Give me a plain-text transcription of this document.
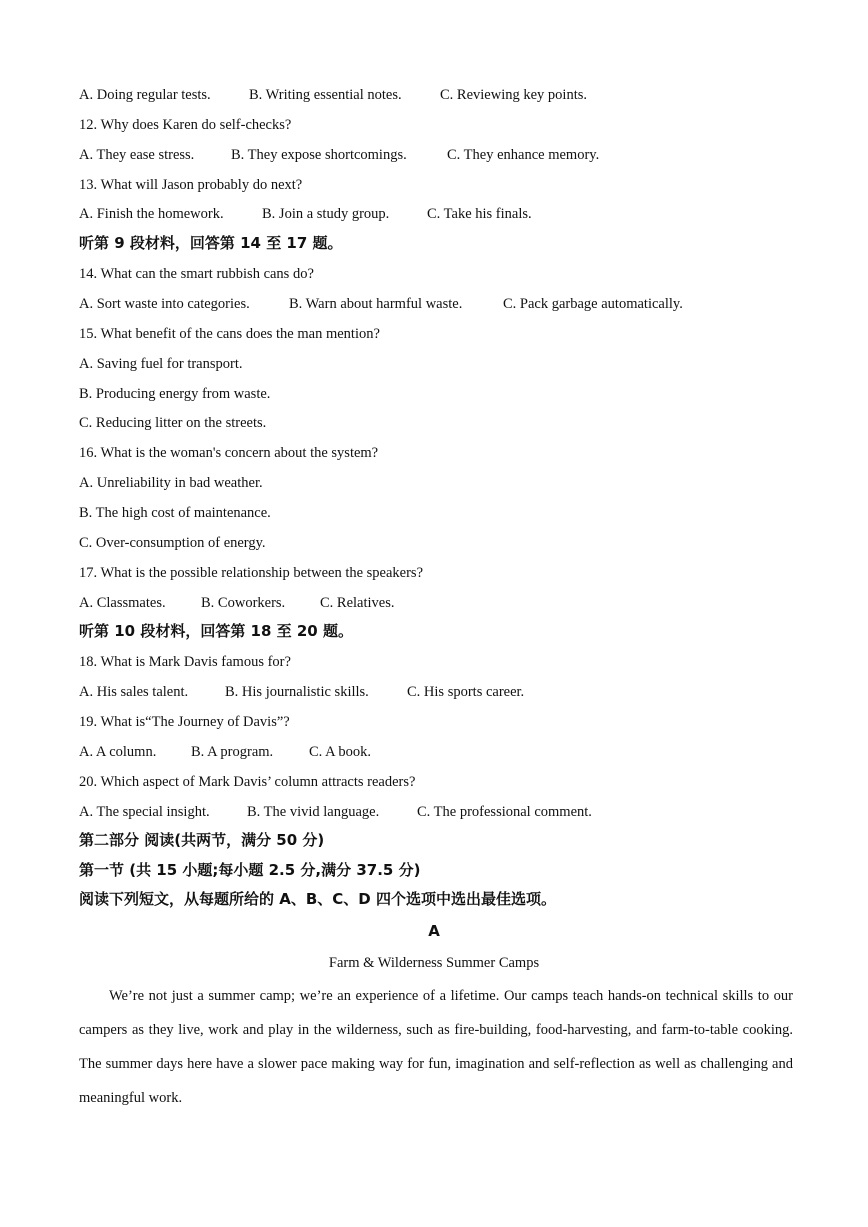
A. Doing regular tests.	B. Writing essential notes.	C. Reviewing key points.
12. Why does Karen do self-checks?
A. They ease stress.	B. They expose shortcomings.	C. They enhance memory.
13. What will Jason probably do next?
A. Finish the homework.	B. Join a study group.	C. Take his finals.
听第 9 段材料，回答第 14 至 17 题。
14. What can the smart rubbish cans do?
A. Sort waste into categories.	B. Warn about harmful waste.	C. Pack garbage automatically.
15. What benefit of the cans does the man mention?
A. Saving fuel for transport.
B. Producing energy from waste.
C. Reducing litter on the streets.
16. What is the woman's concern about the system?
A. Unreliability in bad weather.
B. The high cost of maintenance.
C. Over-consumption of energy.
17. What is the possible relationship between the speakers?
A. Classmates. B. Coworkers. C. Relatives.
听第 10 段材料，回答第 18 至 20 题。
18. What is Mark Davis famous for?
A. His sales talent.	B. His journalistic skills.	C. His sports career.
19. What is“The Journey of Davis”?
A. A column. B. A program. C. A book.
20. Which aspect of Mark Davis’ column attracts readers?
A. The special insight.	B. The vivid language.	C. The professional comment.
第二部分 阅读(共两节，满分 50 分)
第一节 (共 15 小题;每小题 2.5 分,满分 37.5 分)
阅读下列短文，从每题所给的 A、B、C、D 四个选项中选出最佳选项。
A
Farm & Wilderness Summer Camps
We’re not just a summer camp; we’re an experience of a lifetime. Our camps teach hands-on technical skills to our campers as they live, work and play in the wilderness, such as fire-building, food-harvesting, and farm-to-table cooking. The summer days here have a slower pace making way for fun, imagination and self-reflection as well as challenging and meaningful work.
